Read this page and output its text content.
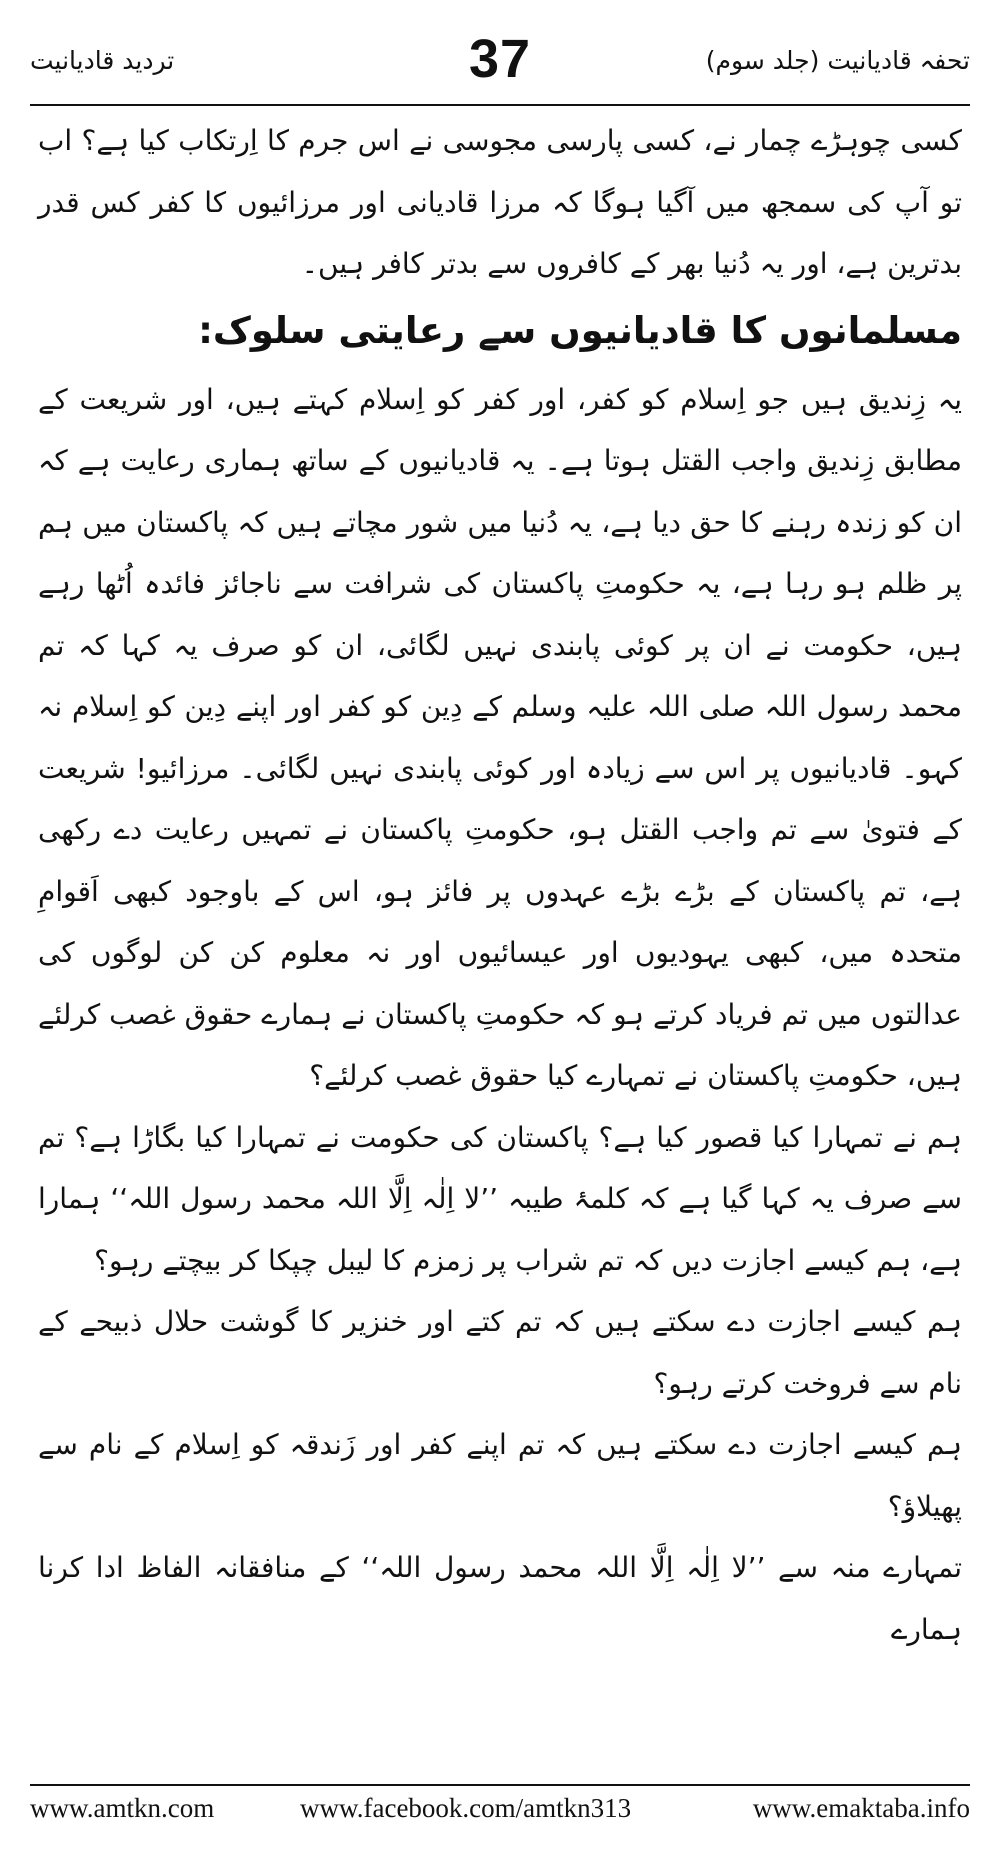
تحفہ قادیانیت (جلد سوم)
37
تردید قادیانیت

کسی چوہڑے چمار نے، کسی پارسی مجوسی نے اس جرم کا اِرتکاب کیا ہے؟ اب تو آپ کی سمجھ میں آگیا ہوگا کہ مرزا قادیانی اور مرزائیوں کا کفر کس قدر بدترین ہے، اور یہ دُنیا بھر کے کافروں سے بدتر کافر ہیں۔

مسلمانوں کا قادیانیوں سے رعایتی سلوک:

یہ زِندیق ہیں جو اِسلام کو کفر، اور کفر کو اِسلام کہتے ہیں، اور شریعت کے مطابق زِندیق واجب القتل ہوتا ہے۔ یہ قادیانیوں کے ساتھ ہماری رعایت ہے کہ ان کو زندہ رہنے کا حق دیا ہے، یہ دُنیا میں شور مچاتے ہیں کہ پاکستان میں ہم پر ظلم ہو رہا ہے، یہ حکومتِ پاکستان کی شرافت سے ناجائز فائدہ اُٹھا رہے ہیں، حکومت نے ان پر کوئی پابندی نہیں لگائی، ان کو صرف یہ کہا کہ تم محمد رسول اللہ صلی اللہ علیہ وسلم کے دِین کو کفر اور اپنے دِین کو اِسلام نہ کہو۔ قادیانیوں پر اس سے زیادہ اور کوئی پابندی نہیں لگائی۔ مرزائیو! شریعت کے فتویٰ سے تم واجب القتل ہو، حکومتِ پاکستان نے تمہیں رعایت دے رکھی ہے، تم پاکستان کے بڑے بڑے عہدوں پر فائز ہو، اس کے باوجود کبھی اَقوامِ متحدہ میں، کبھی یہودیوں اور عیسائیوں اور نہ معلوم کن کن لوگوں کی عدالتوں میں تم فریاد کرتے ہو کہ حکومتِ پاکستان نے ہمارے حقوق غصب کرلئے ہیں، حکومتِ پاکستان نے تمہارے کیا حقوق غصب کرلئے؟

ہم نے تمہارا کیا قصور کیا ہے؟ پاکستان کی حکومت نے تمہارا کیا بگاڑا ہے؟ تم سے صرف یہ کہا گیا ہے کہ کلمۂ طیبہ ’’لا اِلٰہ اِلَّا اللہ محمد رسول اللہ‘‘ ہمارا ہے، ہم کیسے اجازت دیں کہ تم شراب پر زمزم کا لیبل چپکا کر بیچتے رہو؟

ہم کیسے اجازت دے سکتے ہیں کہ تم کتے اور خنزیر کا گوشت حلال ذبیحے کے نام سے فروخت کرتے رہو؟

ہم کیسے اجازت دے سکتے ہیں کہ تم اپنے کفر اور زَندقہ کو اِسلام کے نام سے پھیلاؤ؟

تمہارے منہ سے ’’لا اِلٰہ اِلَّا اللہ محمد رسول اللہ‘‘ کے منافقانہ الفاظ ادا کرنا ہمارے

www.amtkn.com	www.facebook.com/amtkn313	www.emaktaba.info
